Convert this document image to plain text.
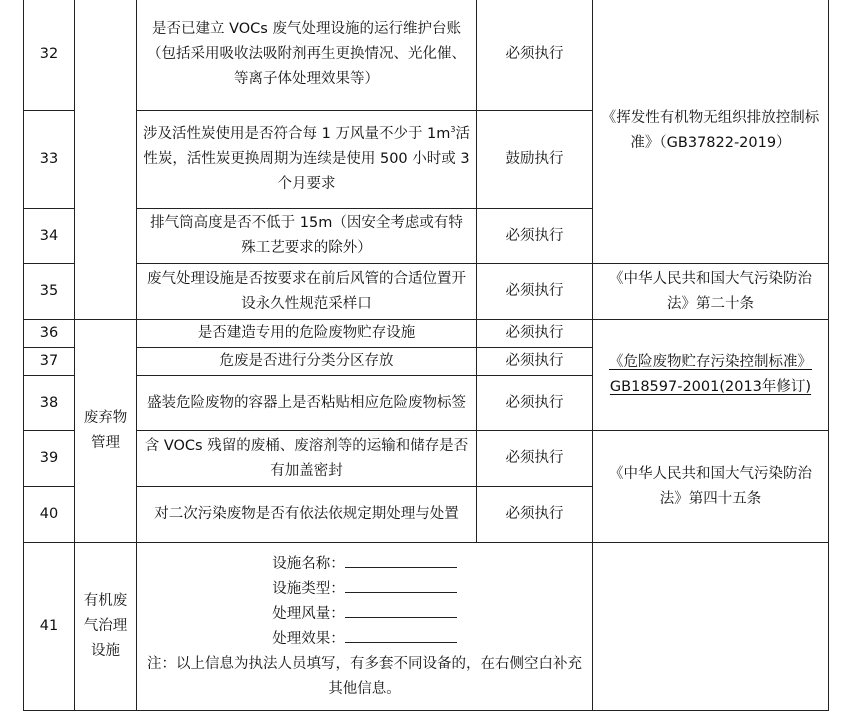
32		是否已建立 VOCs 废气处理设施的运行维护台账（包括采用吸收法吸附剂再生更换情况、光化催、等离子体处理效果等）	必须执行	《挥发性有机物无组织排放控制标准》（GB37822-2019）
33		涉及活性炭使用是否符合每 1 万风量不少于 $1m^3$活性炭，活性炭更换周期为连续是使用 500 小时或 3 个月要求	鼓励执行	
34		排气筒高度是否不低于 15m（因安全考虑或有特殊工艺要求的除外）	必须执行	
35		废气处理设施是否按要求在前后风管的合适位置开设永久性规范采样口	必须执行	《中华人民共和国大气污染防治法》第二十条
36	废弃物管理	是否建造专用的危险废物贮存设施	必须执行	《危险废物贮存污染控制标准》GB18597-2001(2013年修订)
37		危废是否进行分类分区存放	必须执行	
38		盛装危险废物的容器上是否粘贴相应危险废物标签	必须执行	
39		含 VOCs 残留的废桶、废溶剂等的运输和储存是否有加盖密封	必须执行	《中华人民共和国大气污染防治法》第四十五条
40		对二次污染废物是否有依法依规定期处理与处置	必须执行	
41	有机废气治理设施	设施名称：
设施类型：
处理风量：
处理效果：
注：以上信息为执法人员填写，有多套不同设备的，在右侧空白补充其他信息。		
